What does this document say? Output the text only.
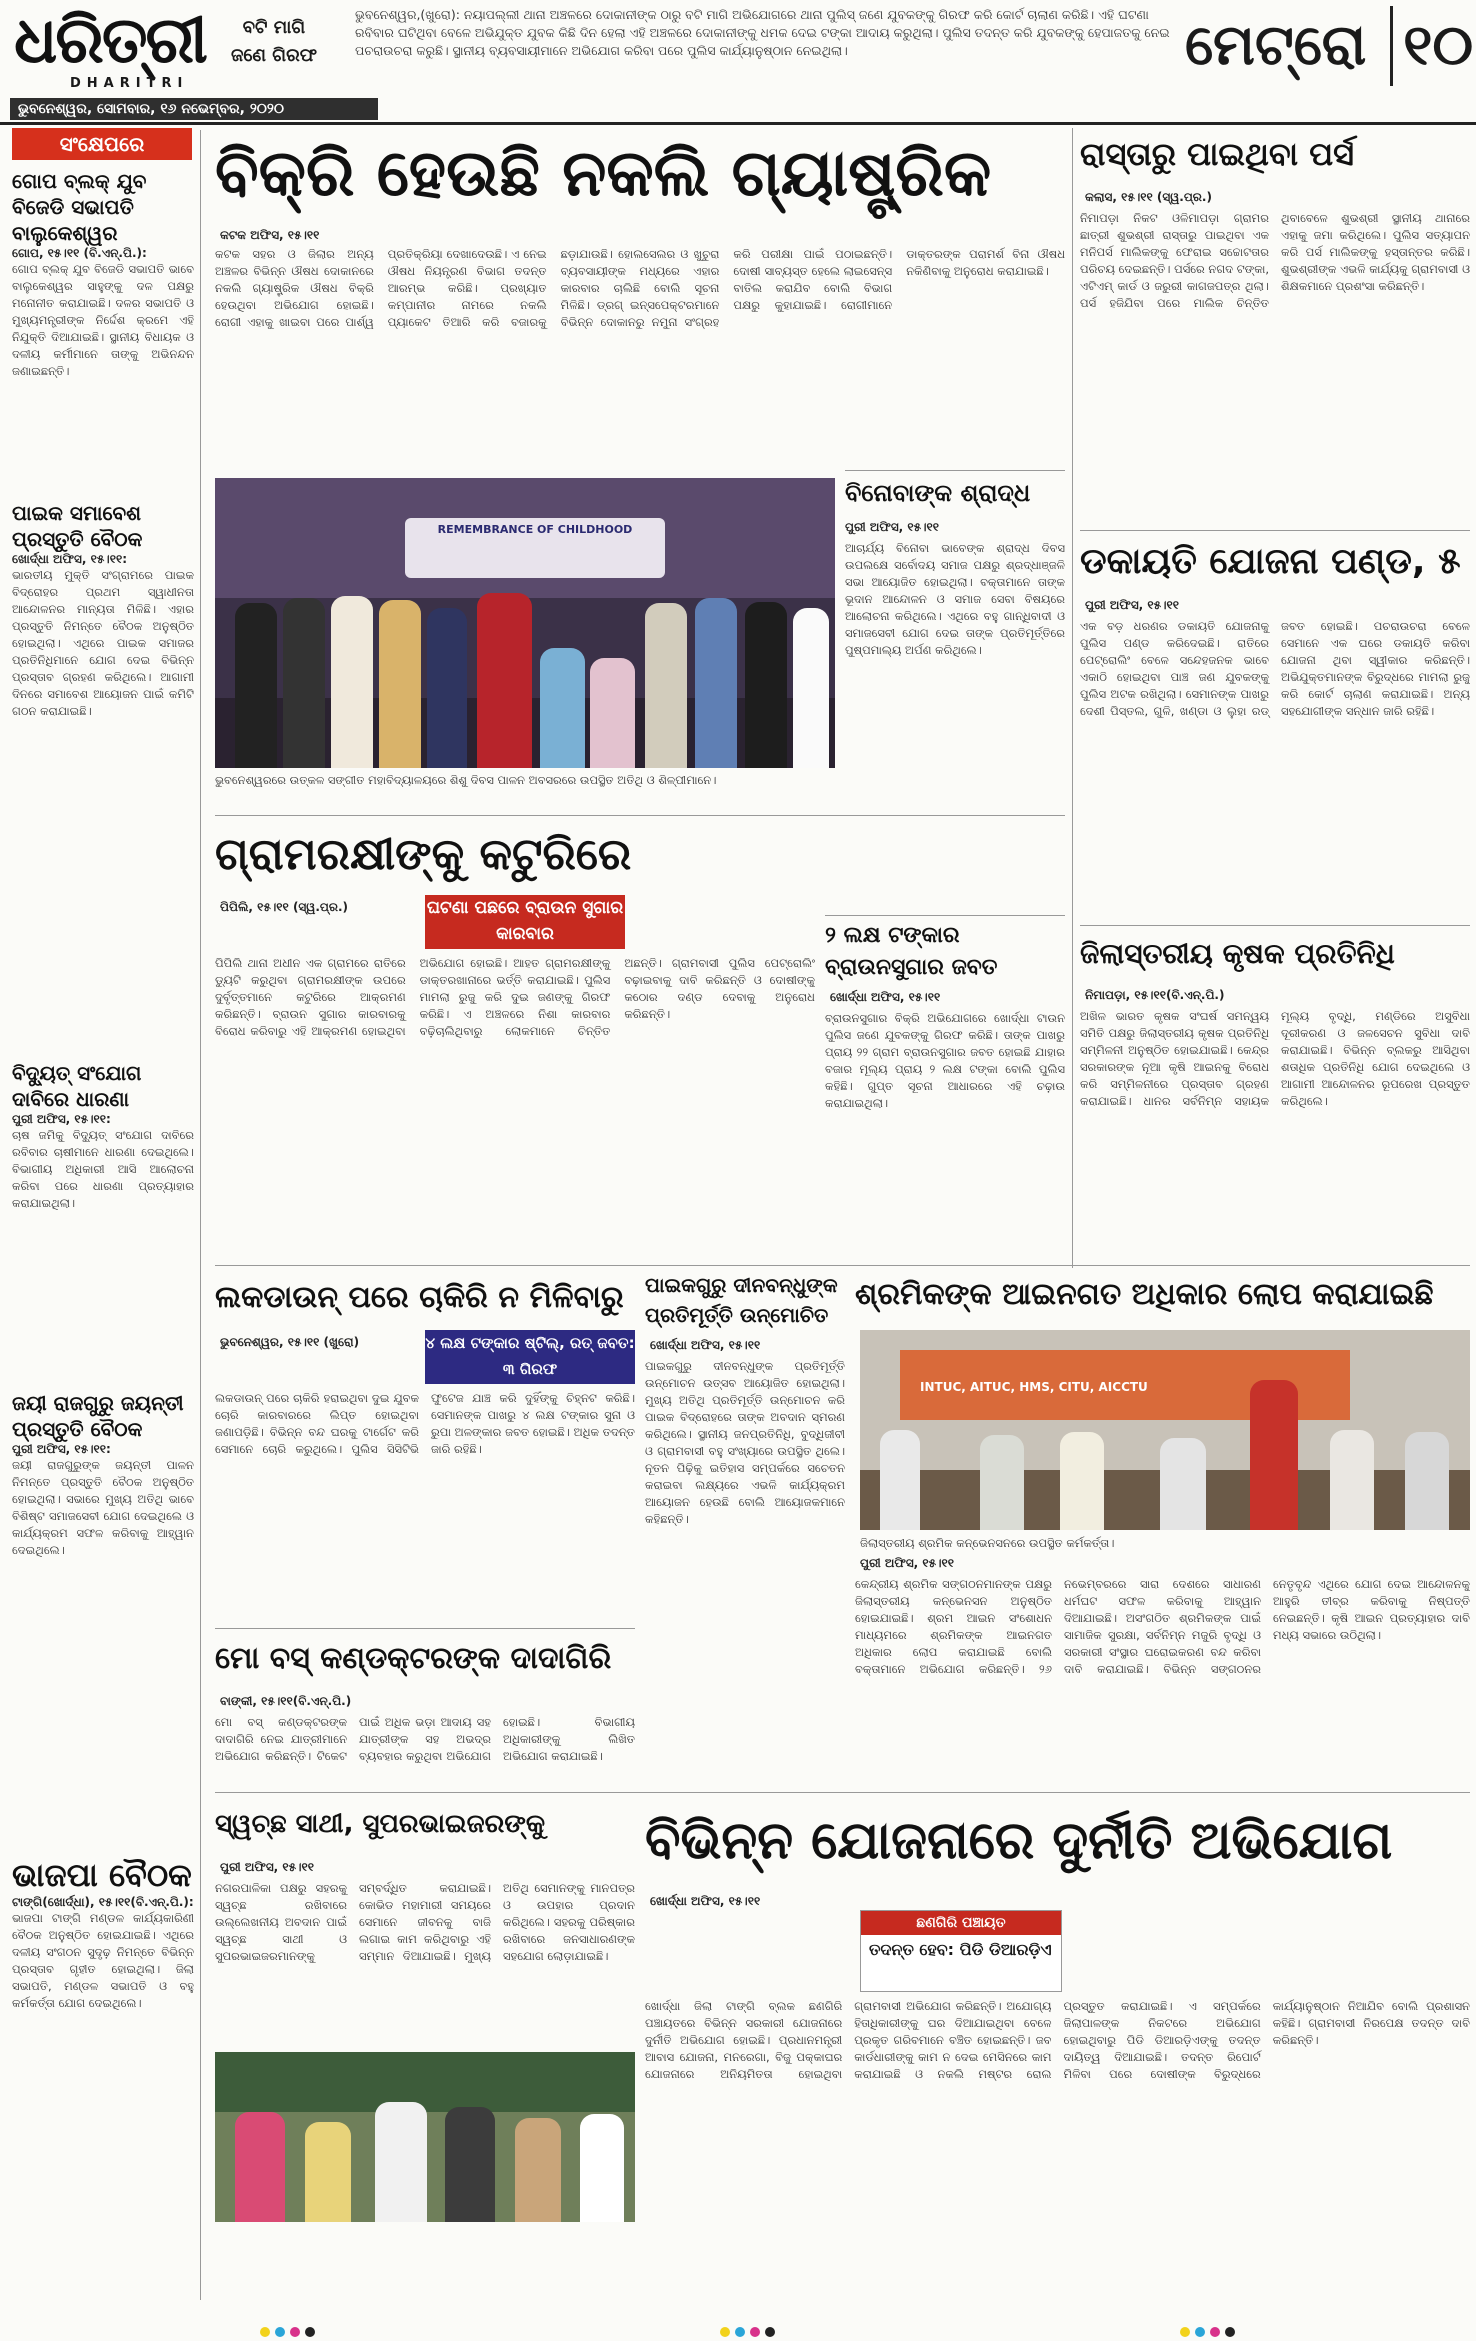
ଧରିତ୍ରୀ
DHARITRI
ବଟି ମାଗି
ଜଣେ ଗିରଫ
ଭୁବନେଶ୍ୱର,(ଖୁରୋ): ନୟାପଲ୍ଲୀ ଥାନା ଅଞ୍ଚଳରେ ଦୋକାନୀଙ୍କ ଠାରୁ ବଟି ମାଗି ଅଭିଯୋଗରେ ଥାନା ପୁଲିସ୍ ଜଣେ ଯୁବକଙ୍କୁ ଗିରଫ କରି କୋର୍ଟ ଚାଲାଣ କରିଛି। ଏହି ଘଟଣା ରବିବାର ଘଟିଥିବା ବେଳେ ଅଭିଯୁକ୍ତ ଯୁବକ କିଛି ଦିନ ହେଲା ଏହି ଅଞ୍ଚଳରେ ଦୋକାନୀଙ୍କୁ ଧମକ ଦେଇ ଟଙ୍କା ଆଦାୟ କରୁଥିଲା। ପୁଲିସ ତଦନ୍ତ କରି ଯୁବକଙ୍କୁ ହେପାଜତକୁ ନେଇ ପଚରାଉଚରା କରୁଛି। ସ୍ଥାନୀୟ ବ୍ୟବସାୟୀମାନେ ଅଭିଯୋଗ କରିବା ପରେ ପୁଲିସ କାର୍ଯ୍ୟାନୁଷ୍ଠାନ ନେଇଥିଲା।	ମେଟ୍ରୋ ୧୦
ଭୁବନେଶ୍ୱର, ସୋମବାର, ୧୬ ନଭେମ୍ବର, ୨୦୨୦
ସଂକ୍ଷେପରେ
ଗୋପ ବ୍ଲକ୍ ଯୁବ ବିଜେଡି ସଭାପତି ବାଲୁକେଶ୍ୱର
ଗୋପ, ୧୫।୧୧ (ବି.ଏନ୍.ପି.):
ଗୋପ ବ୍ଲକ୍ ଯୁବ ବିଜେଡି ସଭାପତି ଭାବେ ବାଲୁକେଶ୍ୱର ସାହୁଙ୍କୁ ଦଳ ପକ୍ଷରୁ ମନୋନୀତ କରାଯାଇଛି। ଦଳର ସଭାପତି ଓ ମୁଖ୍ୟମନ୍ତ୍ରୀଙ୍କ ନିର୍ଦ୍ଦେଶ କ୍ରମେ ଏହି ନିଯୁକ୍ତି ଦିଆଯାଇଛି। ସ୍ଥାନୀୟ ବିଧାୟକ ଓ ଦଳୀୟ କର୍ମୀମାନେ ତାଙ୍କୁ ଅଭିନନ୍ଦନ ଜଣାଇଛନ୍ତି।
ପାଇକ ସମାବେଶ ପ୍ରସ୍ତୁତି ବୈଠକ
ଖୋର୍ଦ୍ଧା ଅଫିସ, ୧୫।୧୧:
ଭାରତୀୟ ମୁକ୍ତି ସଂଗ୍ରାମରେ ପାଇକ ବିଦ୍ରୋହର ପ୍ରଥମ ସ୍ୱାଧୀନତା ଆନ୍ଦୋଳନର ମାନ୍ୟତା ମିଳିଛି। ଏହାର ପ୍ରସ୍ତୁତି ନିମନ୍ତେ ବୈଠକ ଅନୁଷ୍ଠିତ ହୋଇଥିଲା। ଏଥିରେ ପାଇକ ସମାଜର ପ୍ରତିନିଧିମାନେ ଯୋଗ ଦେଇ ବିଭିନ୍ନ ପ୍ରସ୍ତାବ ଗ୍ରହଣ କରିଥିଲେ। ଆଗାମୀ ଦିନରେ ସମାବେଶ ଆୟୋଜନ ପାଇଁ କମିଟି ଗଠନ କରାଯାଇଛି।
ବିଦ୍ୟୁତ୍ ସଂଯୋଗ ଦାବିରେ ଧାରଣା
ପୁରୀ ଅଫିସ, ୧୫।୧୧:
ଚାଷ ଜମିକୁ ବିଦ୍ୟୁତ୍ ସଂଯୋଗ ଦାବିରେ ରବିବାର ଚାଷୀମାନେ ଧାରଣା ଦେଇଥିଲେ। ବିଭାଗୀୟ ଅଧିକାରୀ ଆସି ଆଲୋଚନା କରିବା ପରେ ଧାରଣା ପ୍ରତ୍ୟାହାର କରାଯାଇଥିଲା।
ଜୟୀ ରାଜଗୁରୁ ଜୟନ୍ତୀ ପ୍ରସ୍ତୁତି ବୈଠକ
ପୁରୀ ଅଫିସ, ୧୫।୧୧:
ଜୟୀ ରାଜଗୁରୁଙ୍କ ଜୟନ୍ତୀ ପାଳନ ନିମନ୍ତେ ପ୍ରସ୍ତୁତି ବୈଠକ ଅନୁଷ୍ଠିତ ହୋଇଥିଲା। ସଭାରେ ମୁଖ୍ୟ ଅତିଥି ଭାବେ ବିଶିଷ୍ଟ ସମାଜସେବୀ ଯୋଗ ଦେଇଥିଲେ ଓ କାର୍ଯ୍ୟକ୍ରମ ସଫଳ କରିବାକୁ ଆହ୍ୱାନ ଦେଇଥିଲେ।
ଭାଜପା ବୈଠକ
ଟାଙ୍ଗି(ଖୋର୍ଦ୍ଧା), ୧୫।୧୧(ବି.ଏନ୍.ପି.):
ଭାଜପା ଟାଙ୍ଗି ମଣ୍ଡଳ କାର୍ଯ୍ୟକାରିଣୀ ବୈଠକ ଅନୁଷ୍ଠିତ ହୋଇଯାଇଛି। ଏଥିରେ ଦଳୀୟ ସଂଗଠନ ସୁଦୃଢ଼ ନିମନ୍ତେ ବିଭିନ୍ନ ପ୍ରସ୍ତାବ ଗୃହୀତ ହୋଇଥିଲା। ଜିଲା ସଭାପତି, ମଣ୍ଡଳ ସଭାପତି ଓ ବହୁ କର୍ମକର୍ତ୍ତା ଯୋଗ ଦେଇଥିଲେ।
ବିକ୍ରି ହେଉଛି ନକଲି ଗ୍ୟାଷ୍ଟ୍ରିକ
କଟକ ଅଫିସ, ୧୫।୧୧
କଟକ ସହର ଓ ଜିଲାର ଅନ୍ୟ ଅଞ୍ଚଳର ବିଭିନ୍ନ ଔଷଧ ଦୋକାନରେ ନକଲି ଗ୍ୟାଷ୍ଟ୍ରିକ ଔଷଧ ବିକ୍ରି ହେଉଥିବା ଅଭିଯୋଗ ହୋଇଛି। ରୋଗୀ ଏହାକୁ ଖାଇବା ପରେ ପାର୍ଶ୍ୱ ପ୍ରତିକ୍ରିୟା ଦେଖାଦେଉଛି। ଏ ନେଇ ଔଷଧ ନିୟନ୍ତ୍ରଣ ବିଭାଗ ତଦନ୍ତ ଆରମ୍ଭ କରିଛି। ପ୍ରଖ୍ୟାତ କମ୍ପାନୀର ନାମରେ ନକଲି ପ୍ୟାକେଟ ତିଆରି କରି ବଜାରକୁ ଛଡ଼ାଯାଉଛି। ହୋଲସେଲର ଓ ଖୁଚୁରା ବ୍ୟବସାୟୀଙ୍କ ମଧ୍ୟରେ ଏହାର କାରବାର ଚାଲିଛି ବୋଲି ସୂଚନା ମିଳିଛି। ଡ୍ରଗ୍ ଇନ୍ସପେକ୍ଟରମାନେ ବିଭିନ୍ନ ଦୋକାନରୁ ନମୁନା ସଂଗ୍ରହ କରି ପରୀକ୍ଷା ପାଇଁ ପଠାଇଛନ୍ତି। ଦୋଷୀ ସାବ୍ୟସ୍ତ ହେଲେ ଲାଇସେନ୍ସ ବାତିଲ କରାଯିବ ବୋଲି ବିଭାଗ ପକ୍ଷରୁ କୁହାଯାଇଛି। ରୋଗୀମାନେ ଡାକ୍ତରଙ୍କ ପରାମର୍ଶ ବିନା ଔଷଧ ନକିଣିବାକୁ ଅନୁରୋଧ କରାଯାଇଛି।
REMEMBRANCE OF CHILDHOOD
ଭୁବନେଶ୍ୱରରେ ଉତ୍କଳ ସଙ୍ଗୀତ ମହାବିଦ୍ୟାଳୟରେ ଶିଶୁ ଦିବସ ପାଳନ ଅବସରରେ ଉପସ୍ଥିତ ଅତିଥି ଓ ଶିଳ୍ପୀମାନେ।
ବିନୋବାଙ୍କ ଶ୍ରାଦ୍ଧ
ପୁରୀ ଅଫିସ, ୧୫।୧୧
ଆଚାର୍ଯ୍ୟ ବିନୋବା ଭାବେଙ୍କ ଶ୍ରାଦ୍ଧ ଦିବସ ଉପଲକ୍ଷେ ସର୍ବୋଦୟ ସମାଜ ପକ୍ଷରୁ ଶ୍ରଦ୍ଧାଞ୍ଜଳି ସଭା ଆୟୋଜିତ ହୋଇଥିଲା। ବକ୍ତାମାନେ ତାଙ୍କ ଭୂଦାନ ଆନ୍ଦୋଳନ ଓ ସମାଜ ସେବା ବିଷୟରେ ଆଲୋଚନା କରିଥିଲେ। ଏଥିରେ ବହୁ ଗାନ୍ଧିବାଦୀ ଓ ସମାଜସେବୀ ଯୋଗ ଦେଇ ତାଙ୍କ ପ୍ରତିମୂର୍ତ୍ତିରେ ପୁଷ୍ପମାଲ୍ୟ ଅର୍ପଣ କରିଥିଲେ।
ରାସ୍ତାରୁ ପାଇଥିବା ପର୍ସ
କଲାସ, ୧୫।୧୧ (ସ୍ୱ.ପ୍ର.)
ନିମାପଡ଼ା ନିକଟ ଓଳିମାପଡ଼ା ଗ୍ରାମର ଛାତ୍ରୀ ଶୁଭଶ୍ରୀ ରାସ୍ତାରୁ ପାଇଥିବା ଏକ ମନିପର୍ସ ମାଲିକଙ୍କୁ ଫେରାଇ ସଚ୍ଚୋଟତାର ପରିଚୟ ଦେଇଛନ୍ତି। ପର୍ସରେ ନଗଦ ଟଙ୍କା, ଏଟିଏମ୍ କାର୍ଡ ଓ ଜରୁରୀ କାଗଜପତ୍ର ଥିଲା। ପର୍ସ ହଜିଯିବା ପରେ ମାଲିକ ଚିନ୍ତିତ ଥିବାବେଳେ ଶୁଭଶ୍ରୀ ସ୍ଥାନୀୟ ଥାନାରେ ଏହାକୁ ଜମା କରିଥିଲେ। ପୁଲିସ ସତ୍ୟାପନ କରି ପର୍ସ ମାଲିକଙ୍କୁ ହସ୍ତାନ୍ତର କରିଛି। ଶୁଭଶ୍ରୀଙ୍କ ଏଭଳି କାର୍ଯ୍ୟକୁ ଗ୍ରାମବାସୀ ଓ ଶିକ୍ଷକମାନେ ପ୍ରଶଂସା କରିଛନ୍ତି।
ଡକାୟତି ଯୋଜନା ପଣ୍ଡ, ୫
ପୁରୀ ଅଫିସ, ୧୫।୧୧
ଏକ ବଡ଼ ଧରଣର ଡକାୟତି ଯୋଜନାକୁ ପୁଲିସ ପଣ୍ଡ କରିଦେଇଛି। ରାତିରେ ପେଟ୍ରୋଲିଂ ବେଳେ ସନ୍ଦେହଜନକ ଭାବେ ଏକାଠି ହୋଇଥିବା ପାଞ୍ଚ ଜଣ ଯୁବକଙ୍କୁ ପୁଲିସ ଅଟକ ରଖିଥିଲା। ସେମାନଙ୍କ ପାଖରୁ ଦେଶୀ ପିସ୍ତଲ, ଗୁଳି, ଖଣ୍ଡା ଓ ଲୁହା ରଡ୍ ଜବତ ହୋଇଛି। ପଚରାଉଚରା ବେଳେ ସେମାନେ ଏକ ଘରେ ଡକାୟତି କରିବା ଯୋଜନା ଥିବା ସ୍ୱୀକାର କରିଛନ୍ତି। ଅଭିଯୁକ୍ତମାନଙ୍କ ବିରୁଦ୍ଧରେ ମାମଲା ରୁଜୁ କରି କୋର୍ଟ ଚାଲାଣ କରାଯାଇଛି। ଅନ୍ୟ ସହଯୋଗୀଙ୍କ ସନ୍ଧାନ ଜାରି ରହିଛି।
ଗ୍ରାମରକ୍ଷୀଙ୍କୁ କଟୁରିରେ
ପିପିଲି, ୧୫।୧୧ (ସ୍ୱ.ପ୍ର.)	ଘଟଣା ପଛରେ ବ୍ରାଉନ ସୁଗାର କାରବାର
ପିପିଲି ଥାନା ଅଧୀନ ଏକ ଗ୍ରାମରେ ରାତିରେ ଡ୍ୟୁଟି କରୁଥିବା ଗ୍ରାମରକ୍ଷୀଙ୍କ ଉପରେ ଦୁର୍ବୃତ୍ତମାନେ କଟୁରିରେ ଆକ୍ରମଣ କରିଛନ୍ତି। ବ୍ରାଉନ ସୁଗାର କାରବାରକୁ ବିରୋଧ କରିବାରୁ ଏହି ଆକ୍ରମଣ ହୋଇଥିବା ଅଭିଯୋଗ ହୋଇଛି। ଆହତ ଗ୍ରାମରକ୍ଷୀଙ୍କୁ ଡାକ୍ତରଖାନାରେ ଭର୍ତ୍ତି କରାଯାଇଛି। ପୁଲିସ ମାମଲା ରୁଜୁ କରି ଦୁଇ ଜଣଙ୍କୁ ଗିରଫ କରିଛି। ଏ ଅଞ୍ଚଳରେ ନିଶା କାରବାର ବଢ଼ିଚାଲିଥିବାରୁ ଲୋକମାନେ ଚିନ୍ତିତ ଅଛନ୍ତି। ଗ୍ରାମବାସୀ ପୁଲିସ ପେଟ୍ରୋଲିଂ ବଢ଼ାଇବାକୁ ଦାବି କରିଛନ୍ତି ଓ ଦୋଷୀଙ୍କୁ କଠୋର ଦଣ୍ଡ ଦେବାକୁ ଅନୁରୋଧ କରିଛନ୍ତି।
୨ ଲକ୍ଷ ଟଙ୍କାର ବ୍ରାଉନସୁଗାର ଜବତ
ଖୋର୍ଦ୍ଧା ଅଫିସ, ୧୫।୧୧
ବ୍ରାଉନସୁଗାର ବିକ୍ରି ଅଭିଯୋଗରେ ଖୋର୍ଦ୍ଧା ଟାଉନ ପୁଲିସ ଜଣେ ଯୁବକଙ୍କୁ ଗିରଫ କରିଛି। ତାଙ୍କ ପାଖରୁ ପ୍ରାୟ ୨୨ ଗ୍ରାମ ବ୍ରାଉନସୁଗାର ଜବତ ହୋଇଛି ଯାହାର ବଜାର ମୂଲ୍ୟ ପ୍ରାୟ ୨ ଲକ୍ଷ ଟଙ୍କା ବୋଲି ପୁଲିସ କହିଛି। ଗୁପ୍ତ ସୂଚନା ଆଧାରରେ ଏହି ଚଢ଼ାଉ କରାଯାଇଥିଲା।
ଜିଲାସ୍ତରୀୟ କୃଷକ ପ୍ରତିନିଧି
ନିମାପଡ଼ା, ୧୫।୧୧(ବି.ଏନ୍.ପି.)
ଅଖିଳ ଭାରତ କୃଷକ ସଂଘର୍ଷ ସମନ୍ୱୟ ସମିତି ପକ୍ଷରୁ ଜିଲାସ୍ତରୀୟ କୃଷକ ପ୍ରତିନିଧି ସମ୍ମିଳନୀ ଅନୁଷ୍ଠିତ ହୋଇଯାଇଛି। କେନ୍ଦ୍ର ସରକାରଙ୍କ ନୂଆ କୃଷି ଆଇନକୁ ବିରୋଧ କରି ସମ୍ମିଳନୀରେ ପ୍ରସ୍ତାବ ଗ୍ରହଣ କରାଯାଇଛି। ଧାନର ସର୍ବନିମ୍ନ ସହାୟକ ମୂଲ୍ୟ ବୃଦ୍ଧି, ମଣ୍ଡିରେ ଅସୁବିଧା ଦୂରୀକରଣ ଓ ଜଳସେଚନ ସୁବିଧା ଦାବି କରାଯାଇଛି। ବିଭିନ୍ନ ବ୍ଲକରୁ ଆସିଥିବା ଶତାଧିକ ପ୍ରତିନିଧି ଯୋଗ ଦେଇଥିଲେ ଓ ଆଗାମୀ ଆନ୍ଦୋଳନର ରୂପରେଖ ପ୍ରସ୍ତୁତ କରିଥିଲେ।
ଲକଡାଉନ୍ ପରେ ଚାକିରି ନ ମିଳିବାରୁ
ଭୁବନେଶ୍ୱର, ୧୫।୧୧ (ଖୁରୋ)	୪ ଲକ୍ଷ ଟଙ୍କାର ଷ୍ଟିଲ୍, ରତ୍ ଜବତ: ୩ ଗିରଫ
ଲକଡାଉନ୍ ପରେ ଚାକିରି ହରାଇଥିବା ଦୁଇ ଯୁବକ ଚୋରି କାରବାରରେ ଲିପ୍ତ ହୋଇଥିବା ଜଣାପଡ଼ିଛି। ବିଭିନ୍ନ ବନ୍ଦ ଘରକୁ ଟାର୍ଗେଟ କରି ସେମାନେ ଚୋରି କରୁଥିଲେ। ପୁଲିସ ସିସିଟିଭି ଫୁଟେଜ ଯାଞ୍ଚ କରି ଦୁହିଁଙ୍କୁ ଚିହ୍ନଟ କରିଛି। ସେମାନଙ୍କ ପାଖରୁ ୪ ଲକ୍ଷ ଟଙ୍କାର ସୁନା ଓ ରୁପା ଅଳଙ୍କାର ଜବତ ହୋଇଛି। ଅଧିକ ତଦନ୍ତ ଜାରି ରହିଛି।
ପାଇକଗୁରୁ ଦୀନବନ୍ଧୁଙ୍କ ପ୍ରତିମୂର୍ତ୍ତି ଉନ୍ମୋଚିତ
ଖୋର୍ଦ୍ଧା ଅଫିସ, ୧୫।୧୧
ପାଇକଗୁରୁ ଦୀନବନ୍ଧୁଙ୍କ ପ୍ରତିମୂର୍ତ୍ତି ଉନ୍ମୋଚନ ଉତ୍ସବ ଆୟୋଜିତ ହୋଇଥିଲା। ମୁଖ୍ୟ ଅତିଥି ପ୍ରତିମୂର୍ତ୍ତି ଉନ୍ମୋଚନ କରି ପାଇକ ବିଦ୍ରୋହରେ ତାଙ୍କ ଅବଦାନ ସ୍ମରଣ କରିଥିଲେ। ସ୍ଥାନୀୟ ଜନପ୍ରତିନିଧି, ବୁଦ୍ଧିଜୀବୀ ଓ ଗ୍ରାମବାସୀ ବହୁ ସଂଖ୍ୟାରେ ଉପସ୍ଥିତ ଥିଲେ। ନୂତନ ପିଢ଼ିକୁ ଇତିହାସ ସମ୍ପର୍କରେ ସଚେତନ କରାଇବା ଲକ୍ଷ୍ୟରେ ଏଭଳି କାର୍ଯ୍ୟକ୍ରମ ଆୟୋଜନ ହେଉଛି ବୋଲି ଆୟୋଜକମାନେ କହିଛନ୍ତି।
ଶ୍ରମିକଙ୍କ ଆଇନଗତ ଅଧିକାର ଲୋପ କରାଯାଇଛି
INTUC, AITUC, HMS, CITU, AICCTU
ଜିଲାସ୍ତରୀୟ ଶ୍ରମିକ କନ୍‌ଭେନସନରେ ଉପସ୍ଥିତ କର୍ମକର୍ତ୍ତା।
ପୁରୀ ଅଫିସ, ୧୫।୧୧
କେନ୍ଦ୍ରୀୟ ଶ୍ରମିକ ସଙ୍ଗଠନମାନଙ୍କ ପକ୍ଷରୁ ଜିଲାସ୍ତରୀୟ କନ୍‌ଭେନସନ ଅନୁଷ୍ଠିତ ହୋଇଯାଇଛି। ଶ୍ରମ ଆଇନ ସଂଶୋଧନ ମାଧ୍ୟମରେ ଶ୍ରମିକଙ୍କ ଆଇନଗତ ଅଧିକାର ଲୋପ କରାଯାଇଛି ବୋଲି ବକ୍ତାମାନେ ଅଭିଯୋଗ କରିଛନ୍ତି। ୨୬ ନଭେମ୍ବରରେ ସାରା ଦେଶରେ ସାଧାରଣ ଧର୍ମଘଟ ସଫଳ କରିବାକୁ ଆହ୍ୱାନ ଦିଆଯାଇଛି। ଅସଂଗଠିତ ଶ୍ରମିକଙ୍କ ପାଇଁ ସାମାଜିକ ସୁରକ୍ଷା, ସର୍ବନିମ୍ନ ମଜୁରି ବୃଦ୍ଧି ଓ ସରକାରୀ ସଂସ୍ଥାର ଘରୋଇକରଣ ବନ୍ଦ କରିବା ଦାବି କରାଯାଇଛି। ବିଭିନ୍ନ ସଙ୍ଗଠନର ନେତୃବୃନ୍ଦ ଏଥିରେ ଯୋଗ ଦେଇ ଆନ୍ଦୋଳନକୁ ଆହୁରି ତୀବ୍ର କରିବାକୁ ନିଷ୍ପତ୍ତି ନେଇଛନ୍ତି। କୃଷି ଆଇନ ପ୍ରତ୍ୟାହାର ଦାବି ମଧ୍ୟ ସଭାରେ ଉଠିଥିଲା।
ମୋ ବସ୍ କଣ୍ଡକ୍ଟରଙ୍କ ଦାଦାଗିରି
ବାଙ୍କୀ, ୧୫।୧୧(ବି.ଏନ୍.ପି.)
ମୋ ବସ୍ କଣ୍ଡକ୍ଟରଙ୍କ ଦାଦାଗିରି ନେଇ ଯାତ୍ରୀମାନେ ଅଭିଯୋଗ କରିଛନ୍ତି। ଟିକେଟ ପାଇଁ ଅଧିକ ଭଡ଼ା ଆଦାୟ ସହ ଯାତ୍ରୀଙ୍କ ସହ ଅଭଦ୍ର ବ୍ୟବହାର କରୁଥିବା ଅଭିଯୋଗ ହୋଇଛି। ବିଭାଗୀୟ ଅଧିକାରୀଙ୍କୁ ଲିଖିତ ଅଭିଯୋଗ କରାଯାଇଛି।
ସ୍ୱଚ୍ଛ ସାଥୀ, ସୁପରଭାଇଜରଙ୍କୁ
ପୁରୀ ଅଫିସ, ୧୫।୧୧
ନଗରପାଳିକା ପକ୍ଷରୁ ସହରକୁ ସ୍ୱଚ୍ଛ ରଖିବାରେ ଉଲ୍ଲେଖନୀୟ ଅବଦାନ ପାଇଁ ସ୍ୱଚ୍ଛ ସାଥୀ ଓ ସୁପରଭାଇଜରମାନଙ୍କୁ ସମ୍ବର୍ଦ୍ଧିତ କରାଯାଇଛି। କୋଭିଡ ମହାମାରୀ ସମୟରେ ସେମାନେ ଜୀବନକୁ ବାଜି ଲଗାଇ କାମ କରିଥିବାରୁ ଏହି ସମ୍ମାନ ଦିଆଯାଇଛି। ମୁଖ୍ୟ ଅତିଥି ସେମାନଙ୍କୁ ମାନପତ୍ର ଓ ଉପହାର ପ୍ରଦାନ କରିଥିଲେ। ସହରକୁ ପରିଷ୍କାର ରଖିବାରେ ଜନସାଧାରଣଙ୍କ ସହଯୋଗ ଲୋଡ଼ାଯାଇଛି।
ବିଭିନ୍ନ ଯୋଜନାରେ ଦୁର୍ନୀତି ଅଭିଯୋଗ
ଖୋର୍ଦ୍ଧା ଅଫିସ, ୧୫।୧୧
ଛଣଗିରି ପଞ୍ଚାୟତ
ତଦନ୍ତ ହେବ: ପିଡି ଡିଆରଡ଼ିଏ
ଖୋର୍ଦ୍ଧା ଜିଲା ଟାଙ୍ଗି ବ୍ଲକ ଛଣଗିରି ପଞ୍ଚାୟତରେ ବିଭିନ୍ନ ସରକାରୀ ଯୋଜନାରେ ଦୁର୍ନୀତି ଅଭିଯୋଗ ହୋଇଛି। ପ୍ରଧାନମନ୍ତ୍ରୀ ଆବାସ ଯୋଜନା, ମନରେଗା, ବିଜୁ ପକ୍କାଘର ଯୋଜନାରେ ଅନିୟମିତତା ହୋଇଥିବା ଗ୍ରାମବାସୀ ଅଭିଯୋଗ କରିଛନ୍ତି। ଅଯୋଗ୍ୟ ହିତାଧିକାରୀଙ୍କୁ ଘର ଦିଆଯାଇଥିବା ବେଳେ ପ୍ରକୃତ ଗରିବମାନେ ବଞ୍ଚିତ ହୋଇଛନ୍ତି। ଜବ କାର୍ଡଧାରୀଙ୍କୁ କାମ ନ ଦେଇ ମେସିନରେ କାମ କରାଯାଇଛି ଓ ନକଲି ମଷ୍ଟର ରୋଲ ପ୍ରସ୍ତୁତ କରାଯାଇଛି। ଏ ସମ୍ପର୍କରେ ଜିଲାପାଳଙ୍କ ନିକଟରେ ଅଭିଯୋଗ ହୋଇଥିବାରୁ ପିଡି ଡିଆରଡ଼ିଏଙ୍କୁ ତଦନ୍ତ ଦାୟିତ୍ୱ ଦିଆଯାଇଛି। ତଦନ୍ତ ରିପୋର୍ଟ ମିଳିବା ପରେ ଦୋଷୀଙ୍କ ବିରୁଦ୍ଧରେ କାର୍ଯ୍ୟାନୁଷ୍ଠାନ ନିଆଯିବ ବୋଲି ପ୍ରଶାସନ କହିଛି। ଗ୍ରାମବାସୀ ନିରପେକ୍ଷ ତଦନ୍ତ ଦାବି କରିଛନ୍ତି।
